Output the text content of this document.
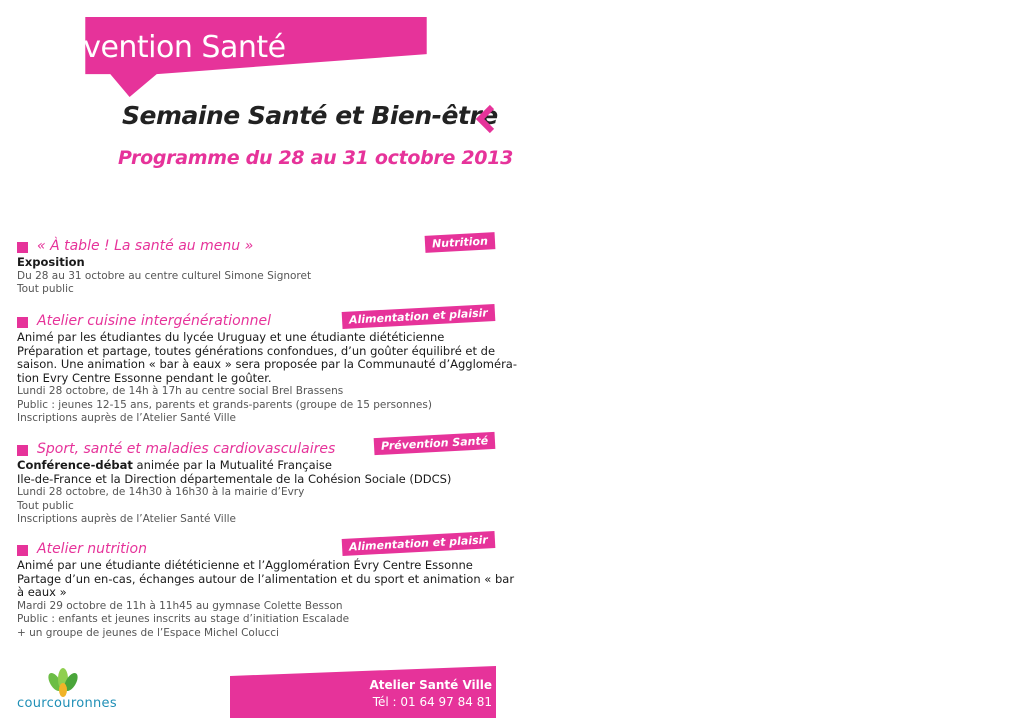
Prévention Santé
Semaine Santé et Bien-être
Programme du 28 au 31 octobre 2013
« À table ! La santé au menu »	Nutrition
Exposition
Du 28 au 31 octobre au centre culturel Simone Signoret
Tout public
Atelier cuisine intergénérationnel	Alimentation et plaisir
Animé par les étudiantes du lycée Uruguay et une étudiante diététicienne
Préparation et partage, toutes générations confondues, d’un goûter équilibré et de
saison. Une animation « bar à eaux » sera proposée par la Communauté d’Aggloméra-
tion Evry Centre Essonne pendant le goûter.
Lundi 28 octobre, de 14h à 17h au centre social Brel Brassens
Public : jeunes 12-15 ans, parents et grands-parents (groupe de 15 personnes)
Inscriptions auprès de l’Atelier Santé Ville
Sport, santé et maladies cardiovasculaires	Prévention Santé
Conférence-débat animée par la Mutualité Française
Ile-de-France et la Direction départementale de la Cohésion Sociale (DDCS)
Lundi 28 octobre, de 14h30 à 16h30 à la mairie d’Evry
Tout public
Inscriptions auprès de l’Atelier Santé Ville
Atelier nutrition	Alimentation et plaisir
Animé par une étudiante diététicienne et l’Agglomération Évry Centre Essonne
Partage d’un en-cas, échanges autour de l’alimentation et du sport et animation « bar
à eaux »
Mardi 29 octobre de 11h à 11h45 au gymnase Colette Besson
Public : enfants et jeunes inscrits au stage d’initiation Escalade
+ un groupe de jeunes de l’Espace Michel Colucci
Atelier Santé Ville
Tél : 01 64 97 84 81
courcouronnes
